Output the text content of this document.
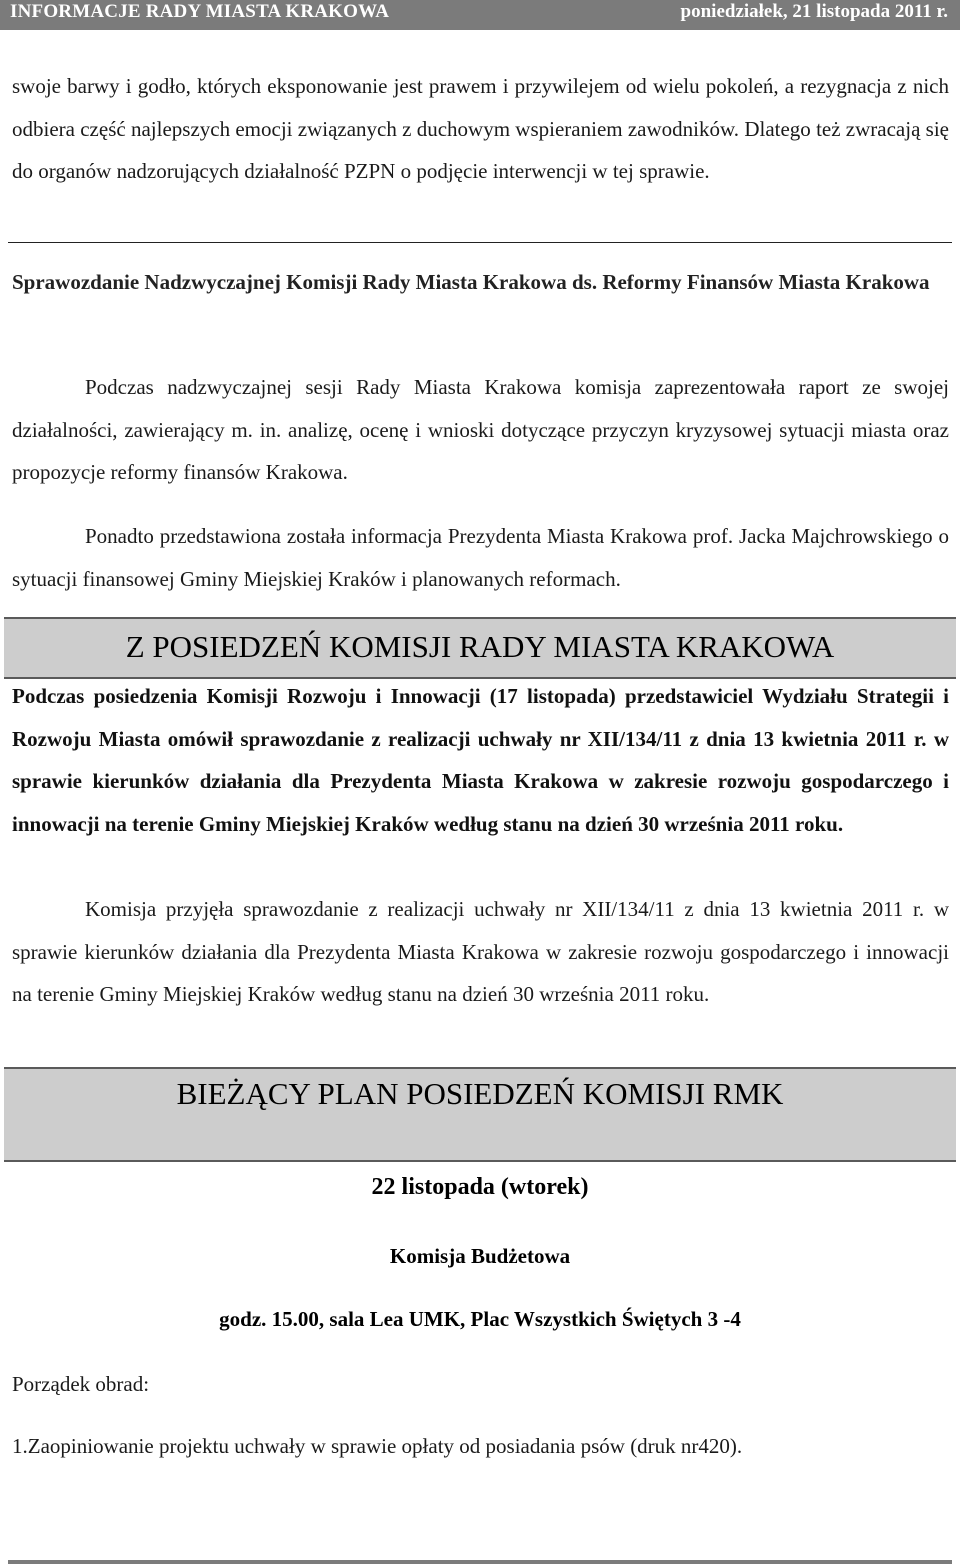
INFORMACJE RADY MIASTA KRAKOWA	poniedziałek, 21 listopada 2011 r.
swoje barwy i godło, których eksponowanie jest prawem i przywilejem od wielu pokoleń, a rezygnacja z nich odbiera część najlepszych emocji związanych z duchowym wspieraniem zawodników. Dlatego też zwracają się do organów nadzorujących działalność PZPN o podjęcie interwencji w tej sprawie.
Sprawozdanie Nadzwyczajnej Komisji Rady Miasta Krakowa ds. Reformy Finansów Miasta Krakowa
Podczas nadzwyczajnej sesji Rady Miasta Krakowa komisja zaprezentowała raport ze swojej działalności, zawierający m. in. analizę, ocenę i wnioski dotyczące przyczyn kryzysowej sytuacji miasta oraz propozycje reformy finansów Krakowa.
Ponadto przedstawiona została informacja Prezydenta Miasta Krakowa prof. Jacka Majchrowskiego o sytuacji finansowej Gminy Miejskiej Kraków i planowanych reformach.
Z POSIEDZEŃ KOMISJI RADY MIASTA KRAKOWA
Podczas posiedzenia Komisji Rozwoju i Innowacji (17 listopada) przedstawiciel Wydziału Strategii i Rozwoju Miasta omówił sprawozdanie z realizacji uchwały nr XII/134/11 z dnia 13 kwietnia 2011 r. w sprawie kierunków działania dla Prezydenta Miasta Krakowa w zakresie rozwoju gospodarczego i innowacji na terenie Gminy Miejskiej Kraków według stanu na dzień 30 września 2011 roku.
Komisja przyjęła sprawozdanie z realizacji uchwały nr XII/134/11 z dnia 13 kwietnia 2011 r. w sprawie kierunków działania dla Prezydenta Miasta Krakowa w zakresie rozwoju gospodarczego i innowacji na terenie Gminy Miejskiej Kraków według stanu na dzień 30 września 2011 roku.
BIEŻĄCY PLAN POSIEDZEŃ KOMISJI RMK
22 listopada (wtorek)
Komisja Budżetowa
godz. 15.00, sala Lea UMK, Plac Wszystkich Świętych 3 -4
Porządek obrad:
1.Zaopiniowanie projektu uchwały w sprawie opłaty od posiadania psów (druk nr420).
